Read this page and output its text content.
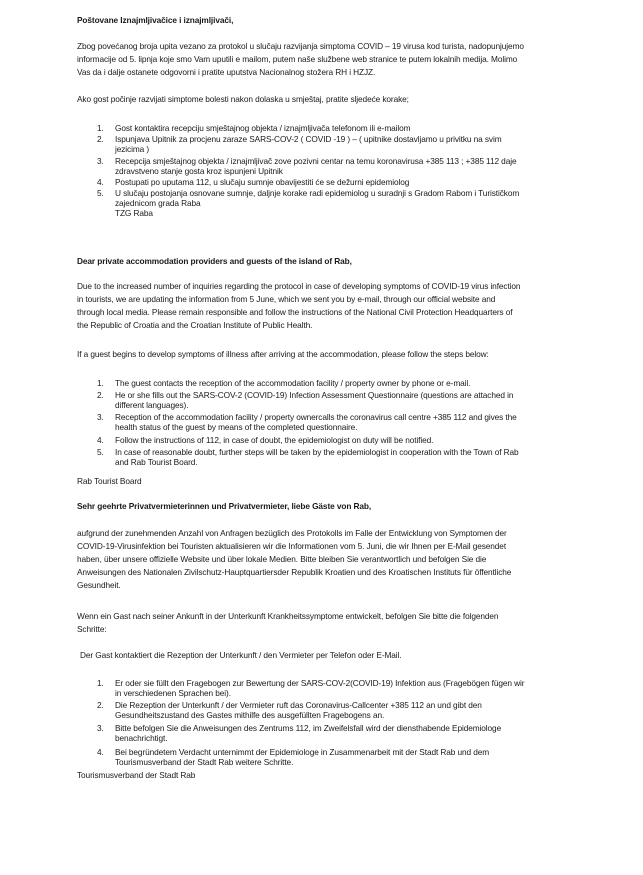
Poštovane Iznajmljivačice i iznajmljivači,
Zbog povećanog broja upita vezano za protokol u slučaju razvijanja simptoma COVID – 19 virusa kod turista, nadopunjujemo
informacije od 5. lipnja koje smo Vam uputili e mailom, putem naše službene web stranice te putem lokalnih medija. Molimo
Vas da i dalje ostanete odgovorni i pratite uputstva Nacionalnog stožera RH i HZJZ.
Ako gost počinje razvijati simptome bolesti nakon dolaska u smještaj, pratite sljedeće korake;
1. Gost kontaktira recepciju smještajnog objekta / iznajmljivača telefonom ili e-mailom
2. Ispunjava Upitnik za procjenu zaraze SARS-COV-2 ( COVID -19 ) – ( upitnike dostavljamo u privitku na svim
jezicima )
3. Recepcija smještajnog objekta / iznajmljivač zove pozivni centar na temu koronavirusa +385 113 ; +385 112 daje
zdravstveno stanje gosta kroz ispunjeni Upitnik
4. Postupati po uputama 112, u slučaju sumnje obavijestiti će se dežurni epidemiolog
5. U slučaju postojanja osnovane sumnje, daljnje korake radi epidemiolog u suradnji s Gradom Rabom i Turističkom
zajednicom grada Raba
TZG Raba
Dear private accommodation providers and guests of the island of Rab,
Due to the increased number of inquiries regarding the protocol in case of developing symptoms of COVID-19 virus infection
in tourists, we are updating the information from 5 June, which we sent you by e-mail, through our official website and
through local media. Please remain responsible and follow the instructions of the National Civil Protection Headquarters of
the Republic of Croatia and the Croatian Institute of Public Health.
If a guest begins to develop symptoms of illness after arriving at the accommodation, please follow the steps below:
1. The guest contacts the reception of the accommodation facility / property owner by phone or e-mail.
2. He or she fills out the SARS-COV-2 (COVID-19) Infection Assessment Questionnaire (questions are attached in
different languages).
3. Reception of the accommodation facility / property ownercalls the coronavirus call centre +385 112 and gives the
health status of the guest by means of the completed questionnaire.
4. Follow the instructions of 112, in case of doubt, the epidemiologist on duty will be notified.
5. In case of reasonable doubt, further steps will be taken by the epidemiologist in cooperation with the Town of Rab
and Rab Tourist Board.
Rab Tourist Board
Sehr geehrte Privatvermieterinnen und Privatvermieter, liebe Gäste von Rab,
aufgrund der zunehmenden Anzahl von Anfragen bezüglich des Protokolls im Falle der Entwicklung von Symptomen der
COVID-19-Virusinfektion bei Touristen aktualisieren wir die Informationen vom 5. Juni, die wir Ihnen per E-Mail gesendet
haben, über unsere offizielle Website und über lokale Medien. Bitte bleiben Sie verantwortlich und befolgen Sie die
Anweisungen des Nationalen Zivilschutz-Hauptquartiersder Republik Kroatien und des Kroatischen Instituts für öffentliche
Gesundheit.
Wenn ein Gast nach seiner Ankunft in der Unterkunft Krankheitssymptome entwickelt, befolgen Sie bitte die folgenden
Schritte:
Der Gast kontaktiert die Rezeption der Unterkunft / den Vermieter per Telefon oder E-Mail.
1. Er oder sie füllt den Fragebogen zur Bewertung der SARS-COV-2(COVID-19) Infektion aus (Fragebögen fügen wir
in verschiedenen Sprachen bei).
2. Die Rezeption der Unterkunft / der Vermieter ruft das Coronavirus-Callcenter +385 112 an und gibt den
Gesundheitszustand des Gastes mithilfe des ausgefüllten Fragebogens an.
3. Bitte befolgen Sie die Anweisungen des Zentrums 112, im Zweifelsfall wird der diensthabende Epidemiologe
benachrichtigt.
4. Bei begründetem Verdacht unternimmt der Epidemiologe in Zusammenarbeit mit der Stadt Rab und dem
Tourismusverband der Stadt Rab weitere Schritte.
Tourismusverband der Stadt Rab
